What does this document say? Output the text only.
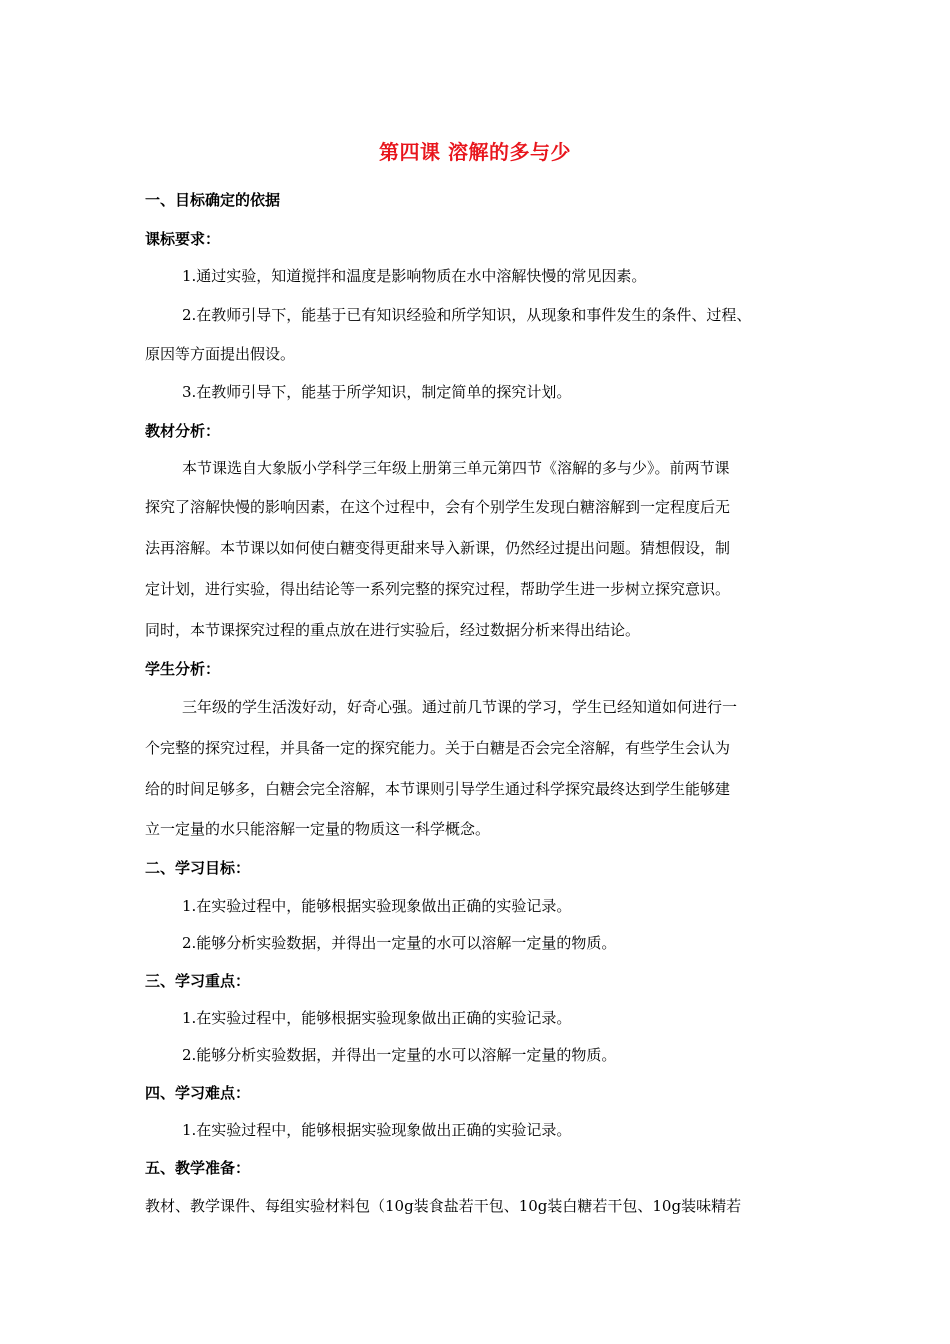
第四课 溶解的多与少
一、目标确定的依据
课标要求：
1.通过实验，知道搅拌和温度是影响物质在水中溶解快慢的常见因素。
2.在教师引导下，能基于已有知识经验和所学知识，从现象和事件发生的条件、过程、
原因等方面提出假设。
3.在教师引导下，能基于所学知识，制定简单的探究计划。
教材分析：
本节课选自大象版小学科学三年级上册第三单元第四节《溶解的多与少》。前两节课
探究了溶解快慢的影响因素，在这个过程中，会有个别学生发现白糖溶解到一定程度后无
法再溶解。本节课以如何使白糖变得更甜来导入新课，仍然经过提出问题。猜想假设，制
定计划，进行实验，得出结论等一系列完整的探究过程，帮助学生进一步树立探究意识。
同时，本节课探究过程的重点放在进行实验后，经过数据分析来得出结论。
学生分析：
三年级的学生活泼好动，好奇心强。通过前几节课的学习，学生已经知道如何进行一
个完整的探究过程，并具备一定的探究能力。关于白糖是否会完全溶解，有些学生会认为
给的时间足够多，白糖会完全溶解，本节课则引导学生通过科学探究最终达到学生能够建
立一定量的水只能溶解一定量的物质这一科学概念。
二、学习目标：
1.在实验过程中，能够根据实验现象做出正确的实验记录。
2.能够分析实验数据，并得出一定量的水可以溶解一定量的物质。
三、学习重点：
1.在实验过程中，能够根据实验现象做出正确的实验记录。
2.能够分析实验数据，并得出一定量的水可以溶解一定量的物质。
四、学习难点：
1.在实验过程中，能够根据实验现象做出正确的实验记录。
五、教学准备：
教材、教学课件、每组实验材料包（10g装食盐若干包、10g装白糖若干包、10g装味精若
